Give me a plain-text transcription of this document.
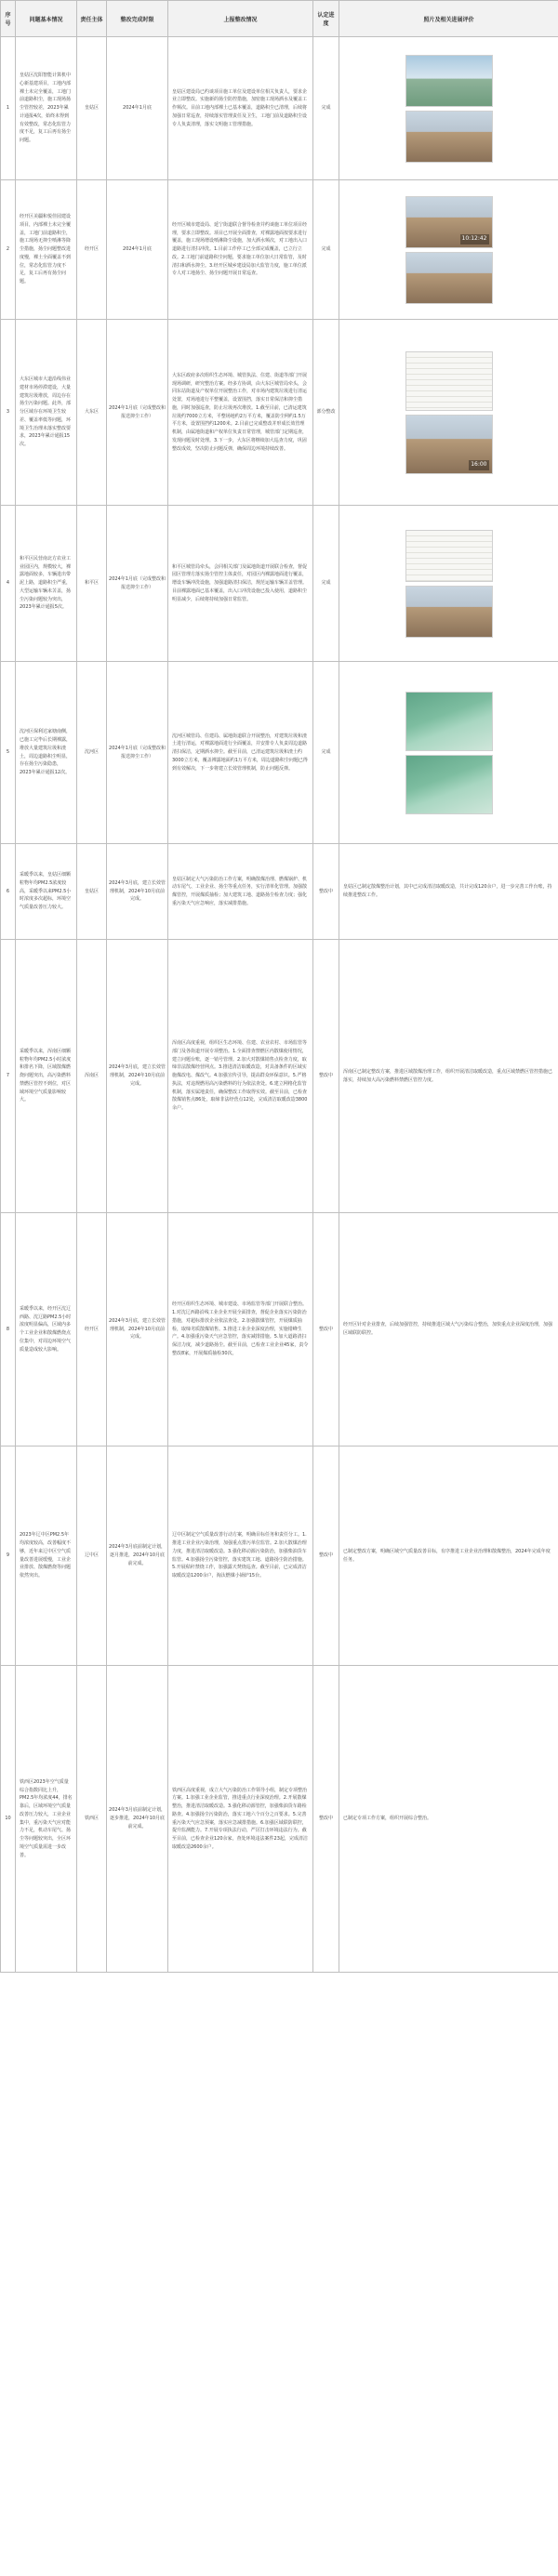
序号	问题基本情况	责任主体	整改完成时限	上报整改情况	认定进度	照片及相关进展评价
1	皇姑区沈阳智能计算机中心新基建项目，工地内部裸土未完全覆盖，工地门前道路积尘，施工现场扬尘管控较差，2023年累计通报4次，始终未得到有效整改，常态化监管力度不足，复工后再有扬尘问题。	皇姑区	2024年1月底	皇姑区建设局已约谈项目施工单位及建设单位相关负责人，要求企业立即整改。实施新的扬尘防控措施，加密施工现场洒水及覆盖工作频次。目前工地内部裸土已基本覆盖，道路积尘已清理，后续将加强日常巡查，持续落实管理责任及卫生，工地门前及道路积尘设专人负责清理，落实文明施工管理措施。	完成	

2	经开区美疆和悦佳园建设项目，内部裸土未完全覆盖，工地门前道路积尘，施工现场无抑尘喷淋等降尘措施，扬尘问题整改进度慢，裸土全面覆盖不到位，常态化监管力度不足，复工后再有扬尘问题。	经开区	2024年1月底	经开区城市建设局、延宁街道联合督导检查并约谈施工单位项目经理，要求立即整改。项目已开展全面排查，对裸露地面按要求进行覆盖，施工现场增设喷淋降尘设施，加大洒水频次，对工地出入口道路进行清扫冲洗。1.目前工作停工已全部完成覆盖，已立行立改。2.工地门前道路积尘问题，要求施工单位加大日常监管，及时清扫和洒水抑尘。3.经开区城乡建设局加大监管力度，施工单位派专人对工地扬尘、扬尘问题开展日常巡查。	完成	10:12:42

3	大东区城市大道沿线伟业建材市场停滞建设，大量建筑垃圾堆放，周边存在扬尘污染问题。此外，部分区域存在环境卫生较差、覆盖率低等问题，环境卫生治理未落实整改要求，2023年累计通报15次。	大东区	2024年1月底（完成整改和报送抑尘工作）	大东区政府多次组织生态环境、城管执法、住建、街道等部门开展现场调研，研究整治方案。经多方协调，由大东区城管局牵头，会同东站街道及产权单位开展整治工作，对市场内建筑垃圾进行清运处置，对场地进行平整覆盖，设置围挡，落实日常保洁和抑尘措施，同时加强巡查，防止垃圾再次堆放。1.截至目前，已清运建筑垃圾约7000立方米，平整场地约2万平方米，覆盖防尘网约1.5万平方米，设置围挡约1200米。2.目前已完成整改并形成长效管理机制，由属地街道和产权单位负责日常管理，城管部门定期巡查，发现问题及时处理。3.下一步，大东区将继续加大巡查力度，巩固整改成效，坚决防止问题反弹，确保周边环境持续改善。	部分整改	16:00

4	和平区民营南北方农业工业园区内，规模较大，裸露地面较多，车辆进出带泥上路，道路积尘严重，大型运输车辆未苫盖，扬尘污染问题较为突出，2023年累计通报5次。	和平区	2024年1月底（完成整改和报送抑尘工作）	和平区城管局牵头，会同相关部门及属地街道开展联合检查，督促园区管理方落实扬尘管控主体责任，对园区内裸露地面进行覆盖，增设车辆冲洗设施，加强道路清扫保洁，规范运输车辆苫盖管理。目前裸露地面已基本覆盖，出入口冲洗设施已投入使用，道路积尘明显减少，后续将持续加强日常监管。	完成	

5	沈河区保利达家塘南侧，已施工完毕后长期裸露，堆放大量建筑垃圾和渣土，周边道路积尘明显，存在扬尘污染隐患，2023年累计通报12次。	沈河区	2024年1月底（完成整改和报送抑尘工作）	沈河区城管局、住建局、属地街道联合开展整治，对建筑垃圾和渣土进行清运，对裸露地面进行全面覆盖，并安排专人负责周边道路清扫保洁，定期洒水抑尘。截至目前，已清运建筑垃圾和渣土约3000立方米，覆盖裸露地面约1万平方米，周边道路积尘问题已得到有效解决，下一步将建立长效管理机制，防止问题反弹。	完成	

6	采暖季以来，皇姑区细颗粒物年均PM2.5浓度较高，采暖季以来PM2.5小时浓度多次超标，环境空气质量改善压力较大。	皇姑区	2024年3月底，建立长效管理机制，2024年10月底前完成。	皇姑区制定大气污染防治工作方案，明确散煤治理、燃煤锅炉、机动车尾气、工业企业、扬尘等重点任务，实行清单化管理。加强散煤管控，开展煤质抽检；加大建筑工地、道路扬尘检查力度；强化重污染天气应急响应，落实减排措施。	整改中	皇姑区已制定散煤整治计划，其中已完成清洁取暖改造，共计完成120余户，进一步完善工作台账，持续推进整改工作。
7	采暖季以来，浑南区细颗粒物年均PM2.5小时浓度和排名下降，区域散煤燃烧问题突出，高污染燃料禁燃区管控不到位，对区域环境空气质量影响较大。	浑南区	2024年3月底，建立长效管理机制，2024年10月底前完成。	浑南区高度重视，组织区生态环境、住建、农业农村、市场监管等部门及各街道开展专项整治。1.全面排查禁燃区内散煤使用情况，建立问题台账，逐一销号管理。2.加大对散煤销售点检查力度，取缔非法散煤经营网点。3.推进清洁取暖改造，对具备条件的区域实施煤改电、煤改气。4.加强宣传引导，提高群众环保意识。5.严格执法，对违规燃用高污染燃料的行为依法查处。6.建立网格化监管机制，落实属地责任，确保整改工作取得实效。截至目前，已检查散煤销售点86处，取缔非法经营点12处，完成清洁取暖改造3800余户。	整改中	浑南区已制定整改方案，推进区域散煤治理工作，组织开展清洁取暖改造，重点区域禁燃区管控措施已落实，持续加大高污染燃料禁燃区管控力度。
8	采暖季以来，经开区沈辽西路、沈辽路PM2.5小时浓度明显偏高，区域内多个工业企业和散煤燃烧点位集中，对周边环境空气质量造成较大影响。	经开区	2024年3月底，建立长效管理机制，2024年10月底前完成。	经开区组织生态环境、城市建设、市场监管等部门开展联合整治。1.对沈辽西路沿线工业企业开展全面排查，督促企业落实污染防治措施，对超标排放企业依法查处。2.加强散煤管控，开展煤质抽检，取缔劣质散煤销售。3.推进工业企业深度治理，实施错峰生产。4.加强重污染天气应急管控，落实减排措施。5.加大道路清扫保洁力度，减少道路扬尘。截至目前，已检查工业企业45家，责令整改8家，开展煤质抽检30次。	整改中	经开区针对企业排查，后续加强管控，持续推进区域大气污染综合整治，加快重点企业深度治理，加强区域联防联控。
9	2023年辽中区PM2.5年均浓度较高，改善幅度不够，近年来辽中区空气质量改善进展缓慢，工业企业排放、散煤燃烧等问题依然突出。	辽中区	2024年3月底前制定计划，逐月推进，2024年10月底前完成。	辽中区制定空气质量改善行动方案，明确目标任务和责任分工。1.推进工业企业污染治理，加强重点排污单位监管。2.加大散煤治理力度，推进清洁取暖改造。3.强化移动源污染防治，加强柴油货车监管。4.加强扬尘污染管控，落实建筑工地、道路扬尘防治措施。5.开展秸秆禁烧工作，加强露天焚烧巡查。截至目前，已完成清洁取暖改造1200余户，淘汰燃煤小锅炉15台。	整改中	已制定整改方案，明确区域空气质量改善目标，有序推进工业企业治理和散煤整治，2024年完成年度任务。
10	铁西区2023年空气质量综合指数同比上升，PM2.5年均浓度44，排名靠后，区域环境空气质量改善压力较大，工业企业集中，重污染天气应对能力不足，机动车尾气、扬尘等问题较突出，全区环境空气质量需进一步改善。	铁西区	2024年3月底前制定计划，逐步推进，2024年10月底前完成。	铁西区高度重视，成立大气污染防治工作领导小组，制定专项整治方案。1.加强工业企业监管，推进重点行业深度治理。2.开展散煤整治，推进清洁取暖改造。3.强化移动源管控，加强柴油货车路检路查。4.加强扬尘污染防治，落实工地六个百分之百要求。5.完善重污染天气应急预案，落实应急减排措施。6.加强区域联防联控，提升监测能力。7.开展专项执法行动，严厉打击环境违法行为。截至目前，已检查企业120余家，查处环境违法案件23起，完成清洁取暖改造2600余户。	整改中	已制定专项工作方案，组织开展综合整治。
